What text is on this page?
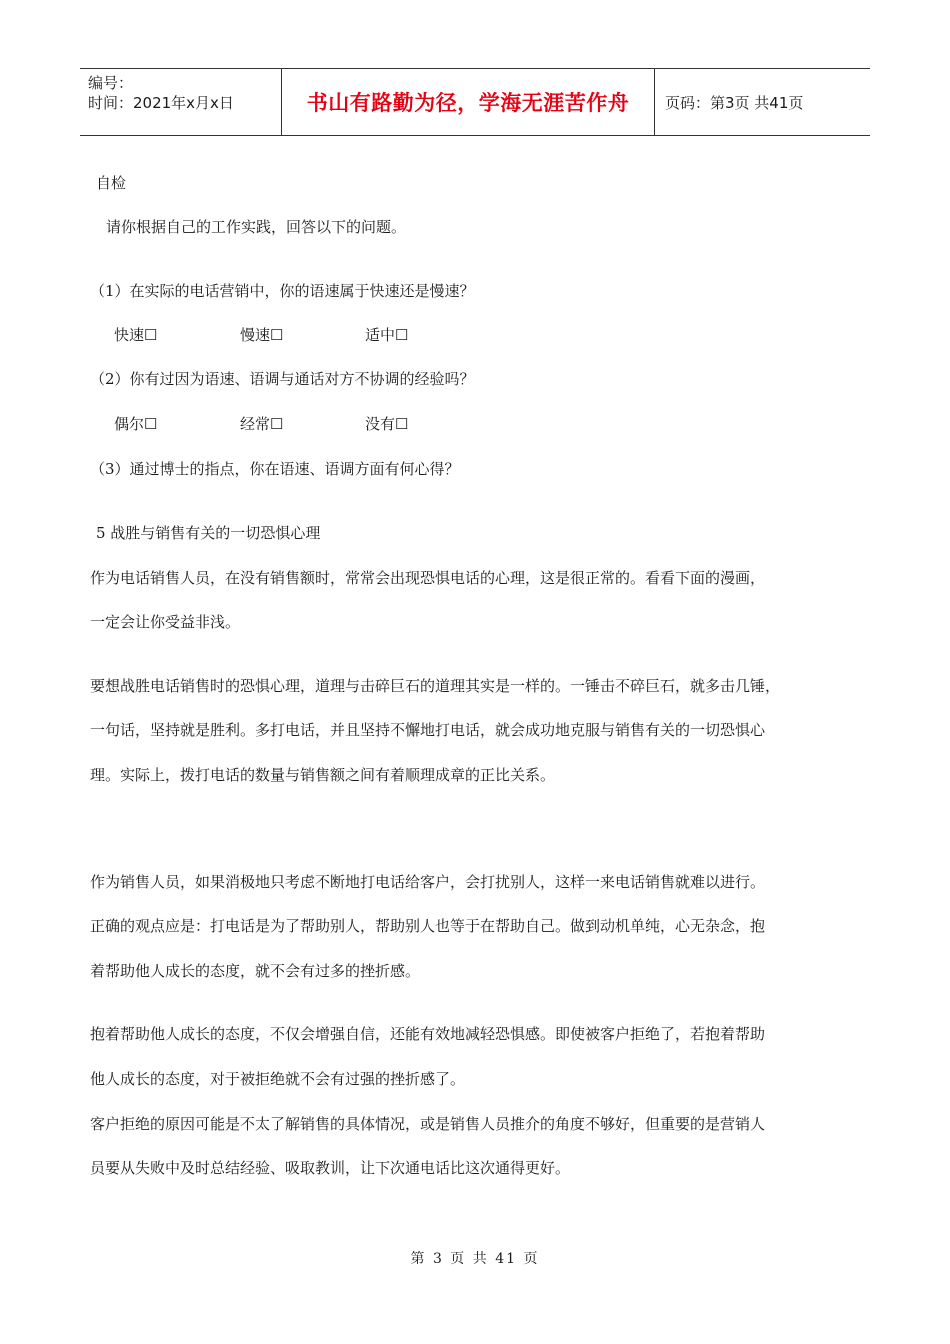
编号：
时间：2021年x月x日	书山有路勤为径，学海无涯苦作舟	页码：第3页 共41页
自检
请你根据自己的工作实践，回答以下的问题。
（1）在实际的电话营销中，你的语速属于快速还是慢速？
快速☐	慢速☐	适中☐
（2）你有过因为语速、语调与通话对方不协调的经验吗？
偶尔☐	经常☐	没有☐
（3）通过博士的指点，你在语速、语调方面有何心得？
5 战胜与销售有关的一切恐惧心理
作为电话销售人员，在没有销售额时，常常会出现恐惧电话的心理，这是很正常的。看看下面的漫画，
一定会让你受益非浅。
要想战胜电话销售时的恐惧心理，道理与击碎巨石的道理其实是一样的。一锤击不碎巨石，就多击几锤，
一句话，坚持就是胜利。多打电话，并且坚持不懈地打电话，就会成功地克服与销售有关的一切恐惧心
理。实际上，拨打电话的数量与销售额之间有着顺理成章的正比关系。
作为销售人员，如果消极地只考虑不断地打电话给客户，会打扰别人，这样一来电话销售就难以进行。
正确的观点应是：打电话是为了帮助别人，帮助别人也等于在帮助自己。做到动机单纯，心无杂念，抱
着帮助他人成长的态度，就不会有过多的挫折感。
抱着帮助他人成长的态度，不仅会增强自信，还能有效地减轻恐惧感。即使被客户拒绝了，若抱着帮助
他人成长的态度，对于被拒绝就不会有过强的挫折感了。
客户拒绝的原因可能是不太了解销售的具体情况，或是销售人员推介的角度不够好，但重要的是营销人
员要从失败中及时总结经验、吸取教训，让下次通电话比这次通得更好。
第 3 页 共 41 页
